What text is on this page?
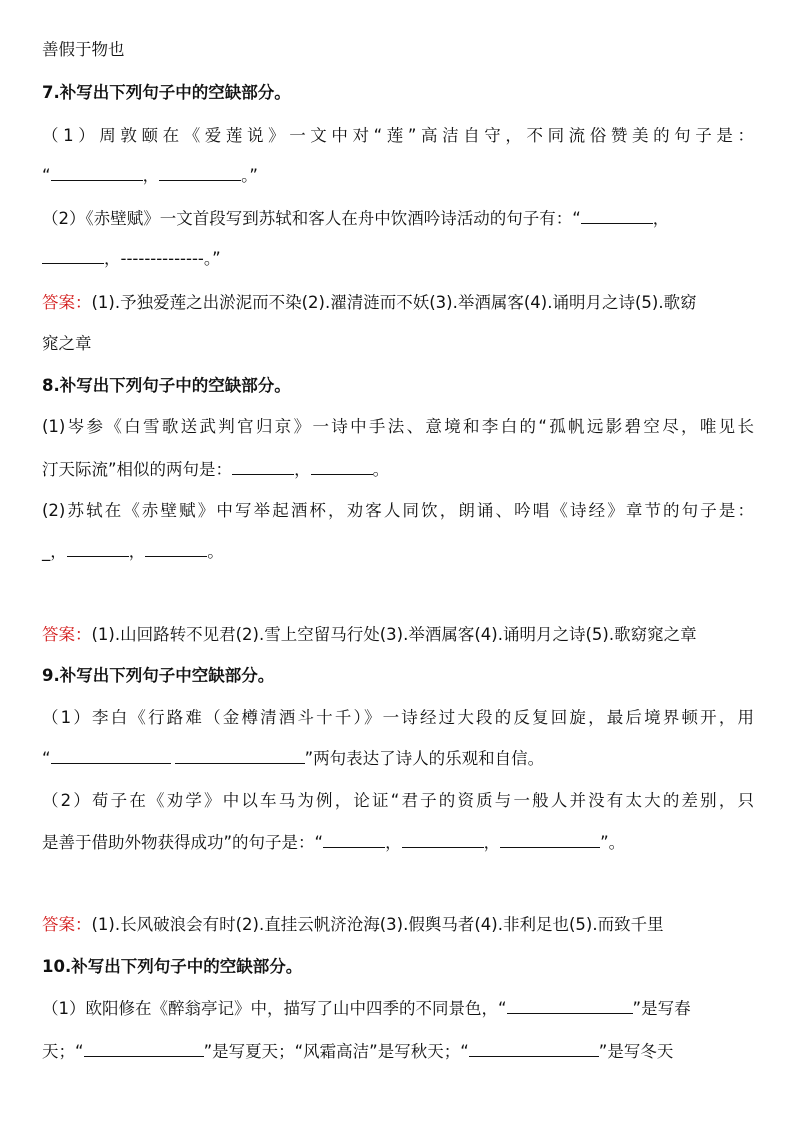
善假于物也
7.补写出下列句子中的空缺部分。
（1）周敦颐在《爱莲说》一文中对“莲”高洁自守，不同流俗赞美的句子是：
“	，	。”
（2）《赤壁赋》一文首段写到苏轼和客人在舟中饮酒吟诗活动的句子有：“	，
，--------------。”
答案：(1).予独爱莲之出淤泥而不染(2).濯清涟而不妖(3).举酒属客(4).诵明月之诗(5).歌窈
窕之章
8.补写出下列句子中的空缺部分。
(1)岑参《白雪歌送武判官归京》一诗中手法、意境和李白的“孤帆远影碧空尽，唯见长
汀天际流”相似的两句是：	，	。
(2)苏轼在《赤壁赋》中写举起酒杯，劝客人同饮，朗诵、吟唱《诗经》章节的句子是：
_，	，	。
答案：(1).山回路转不见君(2).雪上空留马行处(3).举酒属客(4).诵明月之诗(5).歌窈窕之章
9.补写出下列句子中空缺部分。
（1）李白《行路难（金樽清酒斗十千）》一诗经过大段的反复回旋，最后境界顿开，用
“	”两句表达了诗人的乐观和自信。
（2）荀子在《劝学》中以车马为例，论证“君子的资质与一般人并没有太大的差别，只
是善于借助外物获得成功”的句子是：“	，	，	”。
答案：(1).长风破浪会有时(2).直挂云帆济沧海(3).假舆马者(4).非利足也(5).而致千里
10.补写出下列句子中的空缺部分。
（1）欧阳修在《醉翁亭记》中，描写了山中四季的不同景色，“	”是写春
天；“	”是写夏天；“风霜高洁”是写秋天；“	”是写冬天
